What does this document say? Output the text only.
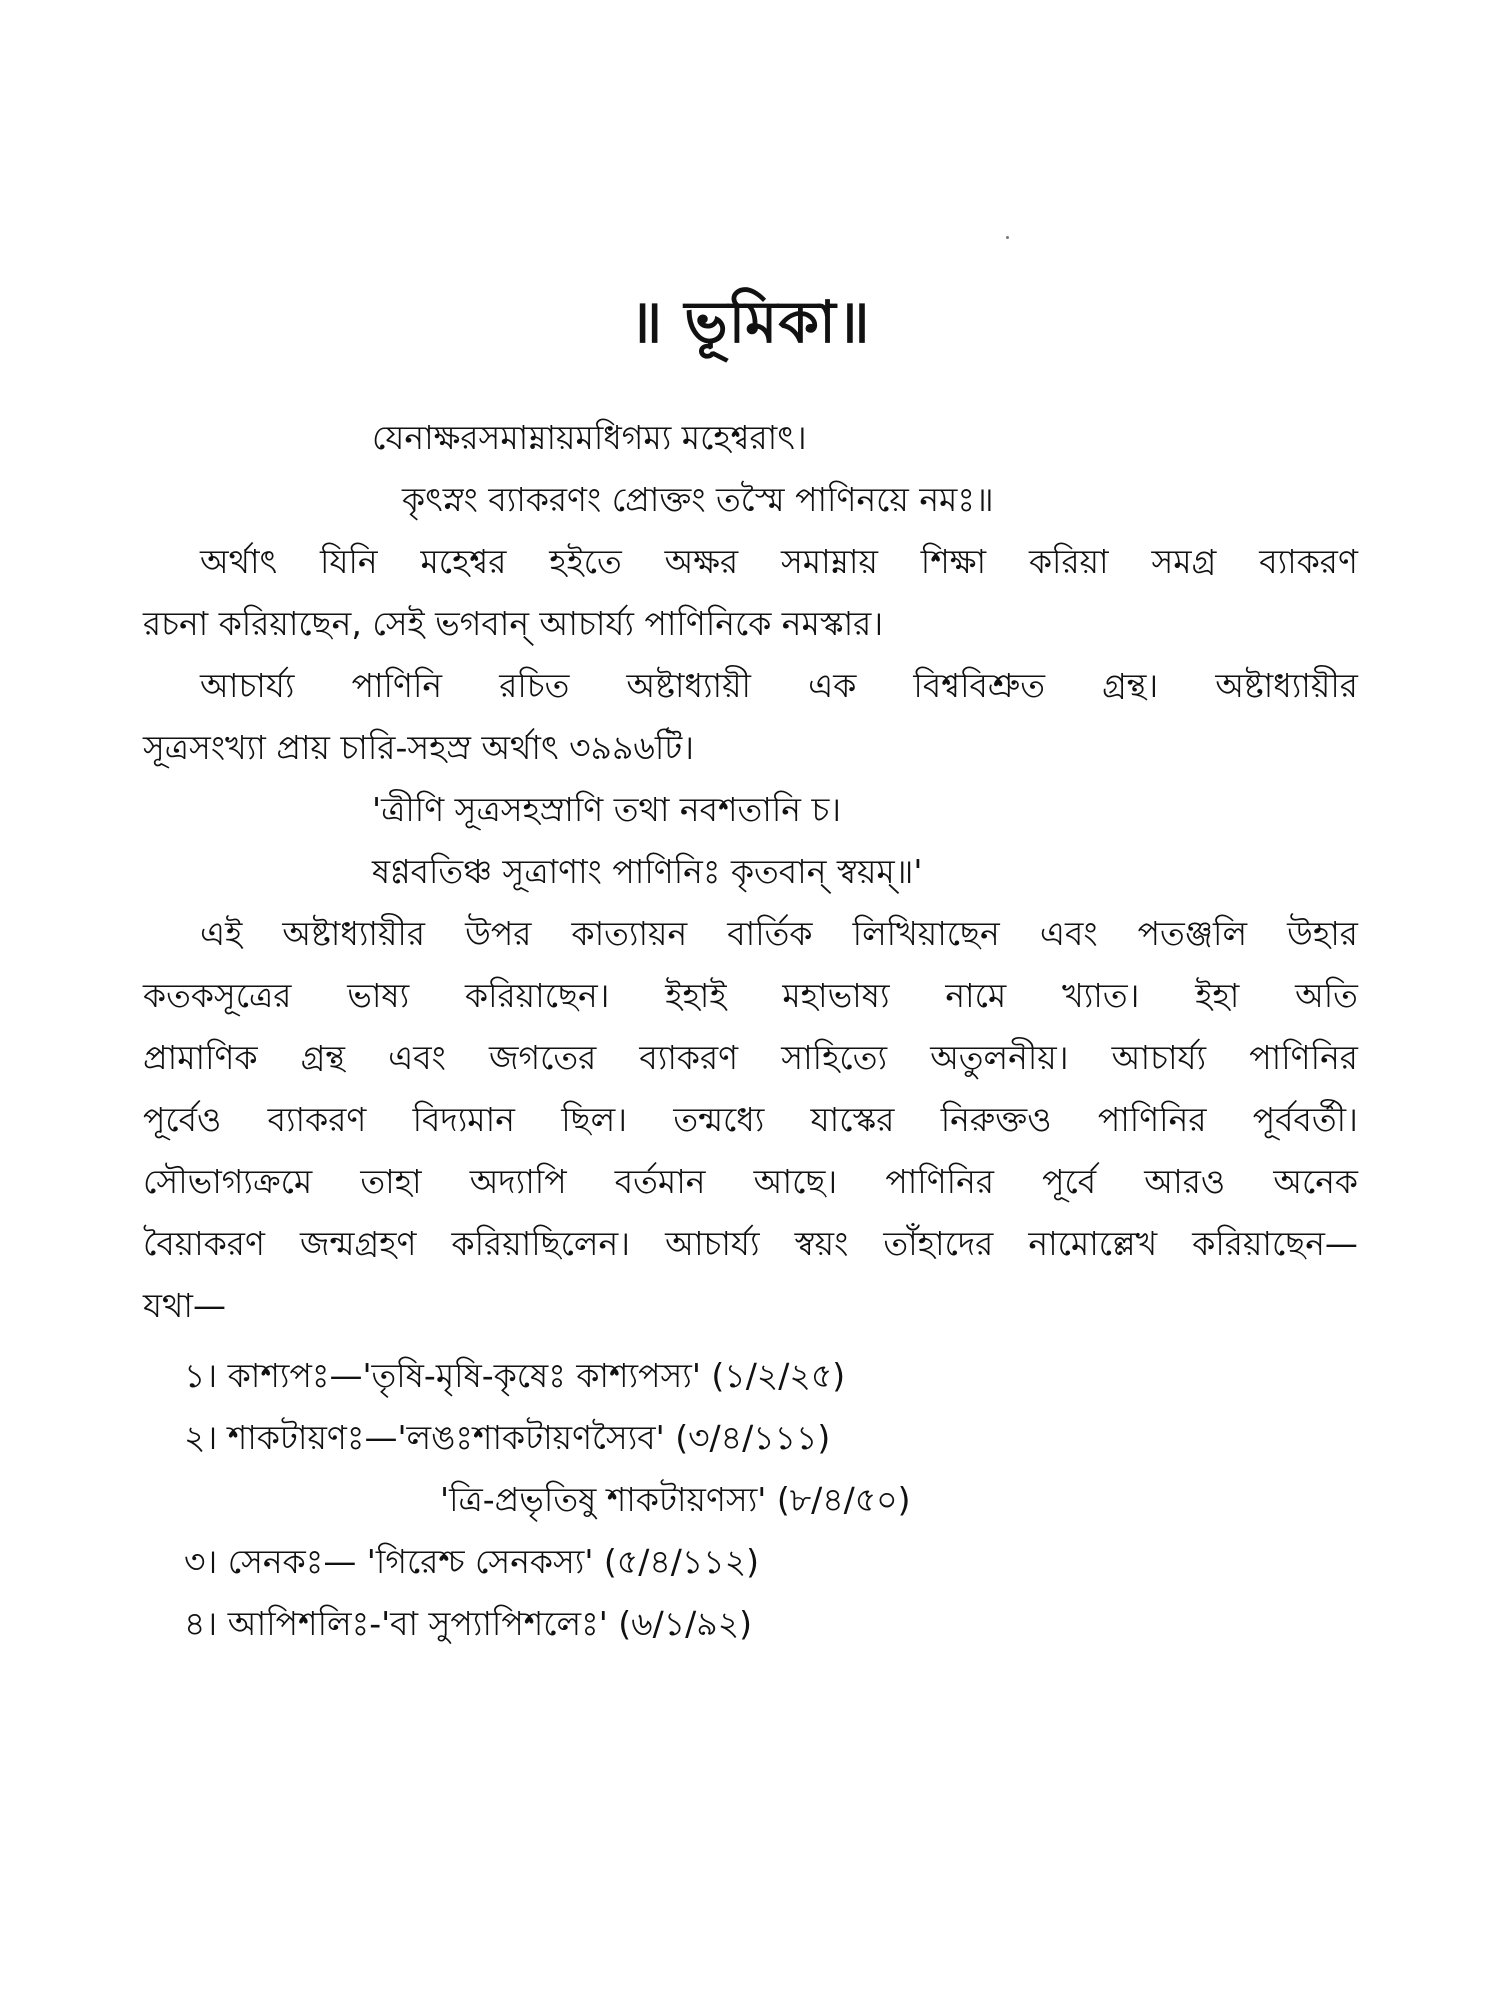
॥ ভূমিকা॥
যেনাক্ষরসমাম্নায়মধিগম্য মহেশ্বরাৎ।
কৃৎস্নং ব্যাকরণং প্রোক্তং তস্মৈ পাণিনয়ে নমঃ॥
অর্থাৎ যিনি মহেশ্বর হইতে অক্ষর সমাম্নায় শিক্ষা করিয়া সমগ্র ব্যাকরণ
রচনা করিয়াছেন, সেই ভগবান্ আচার্য্য পাণিনিকে নমস্কার।
আচার্য্য পাণিনি রচিত অষ্টাধ্যায়ী এক বিশ্ববিশ্রুত গ্রন্থ। অষ্টাধ্যায়ীর
সূত্রসংখ্যা প্রায় চারি-সহস্র অর্থাৎ ৩৯৯৬টি।
'ত্রীণি সূত্রসহস্রাণি তথা নবশতানি চ।
ষণ্ণবতিঞ্চ সূত্রাণাং পাণিনিঃ কৃতবান্ স্বয়ম্॥'
এই অষ্টাধ্যায়ীর উপর কাত্যায়ন বার্তিক লিখিয়াছেন এবং পতঞ্জলি উহার
কতকসূত্রের ভাষ্য করিয়াছেন। ইহাই মহাভাষ্য নামে খ্যাত। ইহা অতি
প্রামাণিক গ্রন্থ এবং জগতের ব্যাকরণ সাহিত্যে অতুলনীয়। আচার্য্য পাণিনির
পূর্বেও ব্যাকরণ বিদ্যমান ছিল। তন্মধ্যে যাস্কের নিরুক্তও পাণিনির পূর্ববর্তী।
সৌভাগ্যক্রমে তাহা অদ্যাপি বর্তমান আছে। পাণিনির পূর্বে আরও অনেক
বৈয়াকরণ জন্মগ্রহণ করিয়াছিলেন। আচার্য্য স্বয়ং তাঁহাদের নামোল্লেখ করিয়াছেন—
যথা—
১। কাশ্যপঃ—'তৃষি-মৃষি-কৃষেঃ কাশ্যপস্য' (১/২/২৫)
২। শাকটায়ণঃ—'লঙঃশাকটায়ণস্যৈব' (৩/৪/১১১)
'ত্রি-প্রভৃতিষু শাকটায়ণস্য' (৮/৪/৫০)
৩। সেনকঃ— 'গিরেশ্চ সেনকস্য' (৫/৪/১১২)
৪। আপিশলিঃ-'বা সুপ্যাপিশলেঃ' (৬/১/৯২)
